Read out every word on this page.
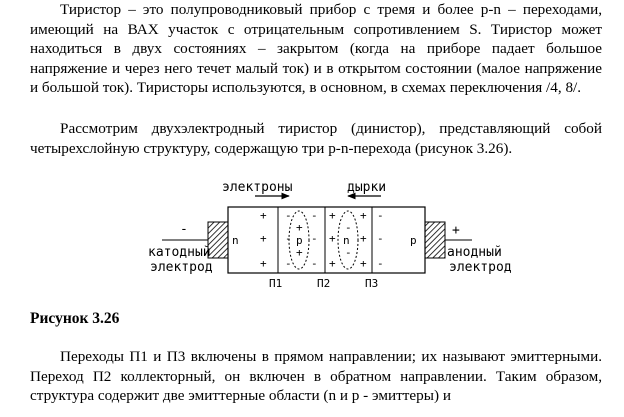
Тиристор – это полупроводниковый прибор с тремя и более p-n – переходами, имеющий на ВАХ участок с отрицательным сопротивлением S. Тиристор может находиться в двух состояниях – закрытом (когда на приборе падает большое напряжение и через него течет малый ток) и в открытом состоянии (малое напряжение и большой ток). Тиристоры используются, в основном, в схемах переключения /4, 8/.

Рассмотрим двухэлектродный тиристор (динистор), представляющий собой четырехслойную структуру, содержащую три p-n-перехода (рисунок 3.26).

электроны	дырки
-	+
катодный
электрод
анодный
электрод
n	p	n	p
+
+
+
-
-
-
-
-
-
+
+
+
+
+
+
-
-
-
+
+
-
-
П1	П2	П3

Рисунок 3.26

Переходы П1 и П3 включены в прямом направлении; их называют эмиттерными. Переход П2 коллекторный, он включен в обратном направлении. Таким образом, структура содержит две эмиттерные области (n и p - эмиттеры) и
